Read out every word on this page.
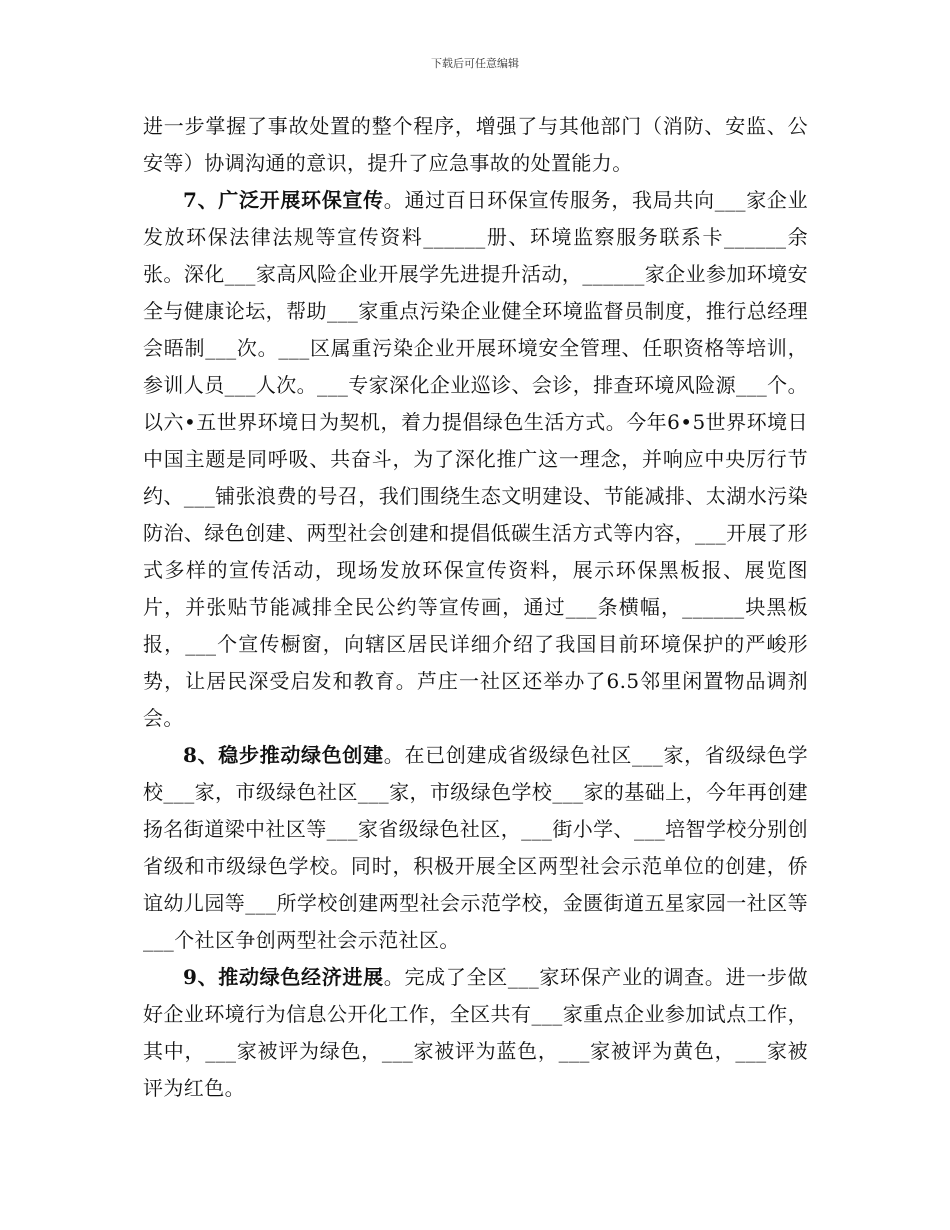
下载后可任意编辑

进一步掌握了事故处置的整个程序，增强了与其他部门（消防、安监、公安等）协调沟通的意识，提升了应急事故的处置能力。

7、广泛开展环保宣传。通过百日环保宣传服务，我局共向___家企业发放环保法律法规等宣传资料______册、环境监察服务联系卡______余张。深化___家高风险企业开展学先进提升活动，______家企业参加环境安全与健康论坛，帮助___家重点污染企业健全环境监督员制度，推行总经理会晤制___次。___区属重污染企业开展环境安全管理、任职资格等培训，参训人员___人次。___专家深化企业巡诊、会诊，排查环境风险源___个。以六•五世界环境日为契机，着力提倡绿色生活方式。今年6•5世界环境日中国主题是同呼吸、共奋斗，为了深化推广这一理念，并响应中央厉行节约、___铺张浪费的号召，我们围绕生态文明建设、节能减排、太湖水污染防治、绿色创建、两型社会创建和提倡低碳生活方式等内容，___开展了形式多样的宣传活动，现场发放环保宣传资料，展示环保黑板报、展览图片，并张贴节能减排全民公约等宣传画，通过___条横幅，______块黑板报，___个宣传橱窗，向辖区居民详细介绍了我国目前环境保护的严峻形势，让居民深受启发和教育。芦庄一社区还举办了6.5邻里闲置物品调剂会。

8、稳步推动绿色创建。在已创建成省级绿色社区___家，省级绿色学校___家，市级绿色社区___家，市级绿色学校___家的基础上，今年再创建扬名街道梁中社区等___家省级绿色社区，___街小学、___培智学校分别创省级和市级绿色学校。同时，积极开展全区两型社会示范单位的创建，侨谊幼儿园等___所学校创建两型社会示范学校，金匮街道五星家园一社区等___个社区争创两型社会示范社区。

9、推动绿色经济进展。完成了全区___家环保产业的调查。进一步做好企业环境行为信息公开化工作，全区共有___家重点企业参加试点工作，其中，___家被评为绿色，___家被评为蓝色，___家被评为黄色，___家被评为红色。
